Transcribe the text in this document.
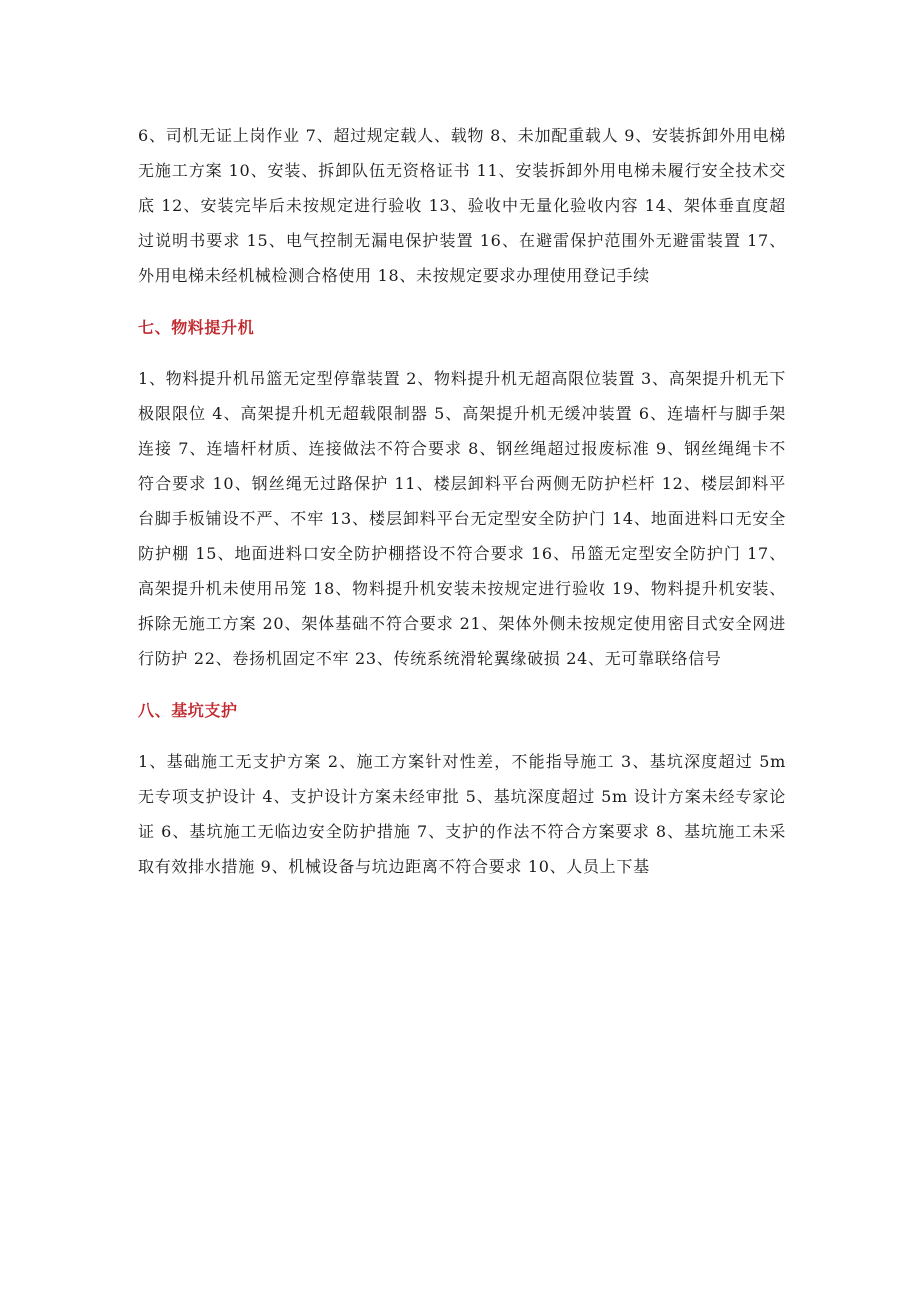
6、司机无证上岗作业 7、超过规定载人、载物 8、未加配重载人 9、安装拆卸外用电梯无施工方案 10、安装、拆卸队伍无资格证书 11、安装拆卸外用电梯未履行安全技术交底 12、安装完毕后未按规定进行验收 13、验收中无量化验收内容 14、架体垂直度超过说明书要求 15、电气控制无漏电保护装置 16、在避雷保护范围外无避雷装置 17、外用电梯未经机械检测合格使用 18、未按规定要求办理使用登记手续

七、物料提升机

1、物料提升机吊篮无定型停靠装置 2、物料提升机无超高限位装置 3、高架提升机无下极限限位 4、高架提升机无超载限制器 5、高架提升机无缓冲装置 6、连墙杆与脚手架连接 7、连墙杆材质、连接做法不符合要求 8、钢丝绳超过报废标准 9、钢丝绳绳卡不符合要求 10、钢丝绳无过路保护 11、楼层卸料平台两侧无防护栏杆 12、楼层卸料平台脚手板铺设不严、不牢 13、楼层卸料平台无定型安全防护门 14、地面进料口无安全防护棚 15、地面进料口安全防护棚搭设不符合要求 16、吊篮无定型安全防护门 17、高架提升机未使用吊笼 18、物料提升机安装未按规定进行验收 19、物料提升机安装、拆除无施工方案 20、架体基础不符合要求 21、架体外侧未按规定使用密目式安全网进行防护 22、卷扬机固定不牢 23、传统系统滑轮翼缘破损 24、无可靠联络信号

八、基坑支护

1、基础施工无支护方案 2、施工方案针对性差，不能指导施工 3、基坑深度超过 5m 无专项支护设计 4、支护设计方案未经审批 5、基坑深度超过 5m 设计方案未经专家论证 6、基坑施工无临边安全防护措施 7、支护的作法不符合方案要求 8、基坑施工未采取有效排水措施 9、机械设备与坑边距离不符合要求 10、人员上下基
